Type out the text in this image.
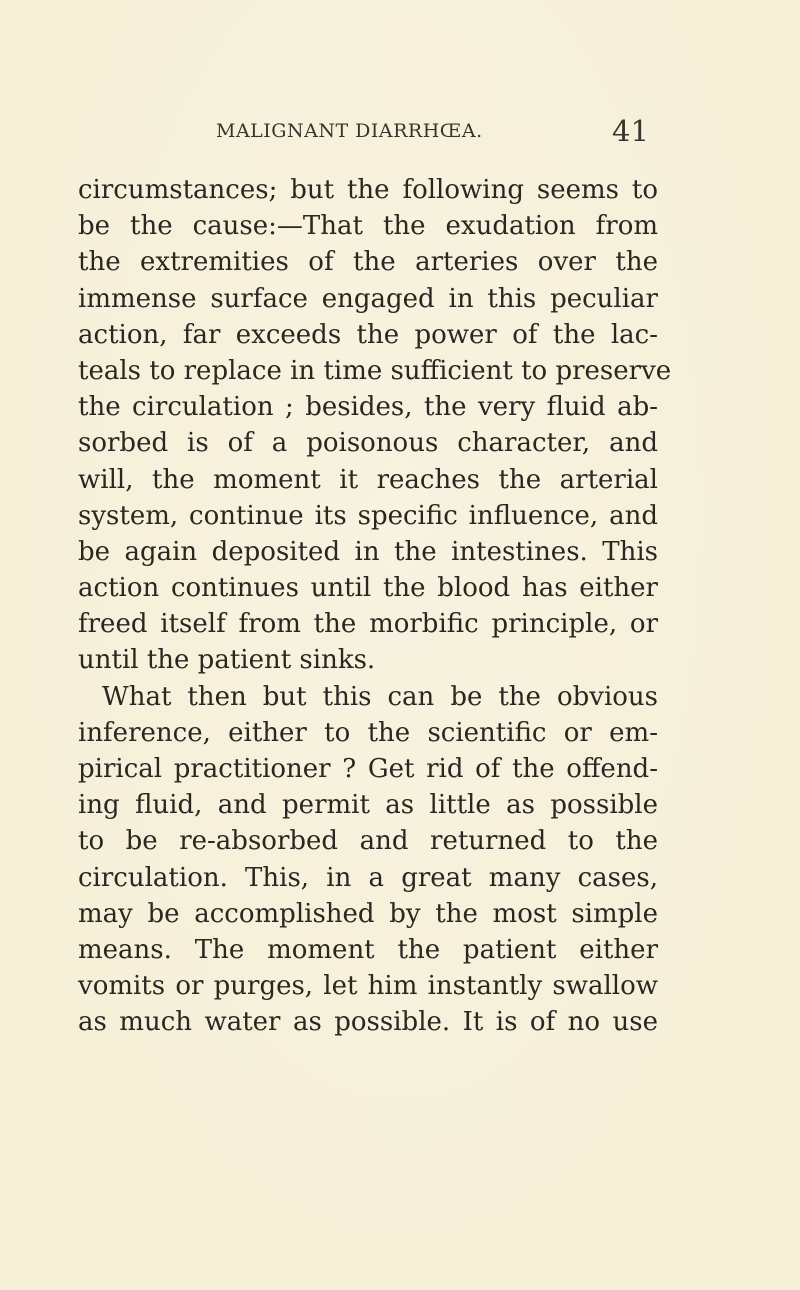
MALIGNANT DIARRHŒA.	41
circumstances; but the following seems to
be the cause:—That the exudation from
the extremities of the arteries over the
immense surface engaged in this peculiar
action, far exceeds the power of the lac-
teals to replace in time sufficient to preserve
the circulation ; besides, the very fluid ab-
sorbed is of a poisonous character, and
will, the moment it reaches the arterial
system, continue its specific influence, and
be again deposited in the intestines. This
action continues until the blood has either
freed itself from the morbific principle, or
until the patient sinks.
What then but this can be the obvious
inference, either to the scientific or em-
pirical practitioner ? Get rid of the offend-
ing fluid, and permit as little as possible
to be re-absorbed and returned to the
circulation. This, in a great many cases,
may be accomplished by the most simple
means. The moment the patient either
vomits or purges, let him instantly swallow
as much water as possible. It is of no use
